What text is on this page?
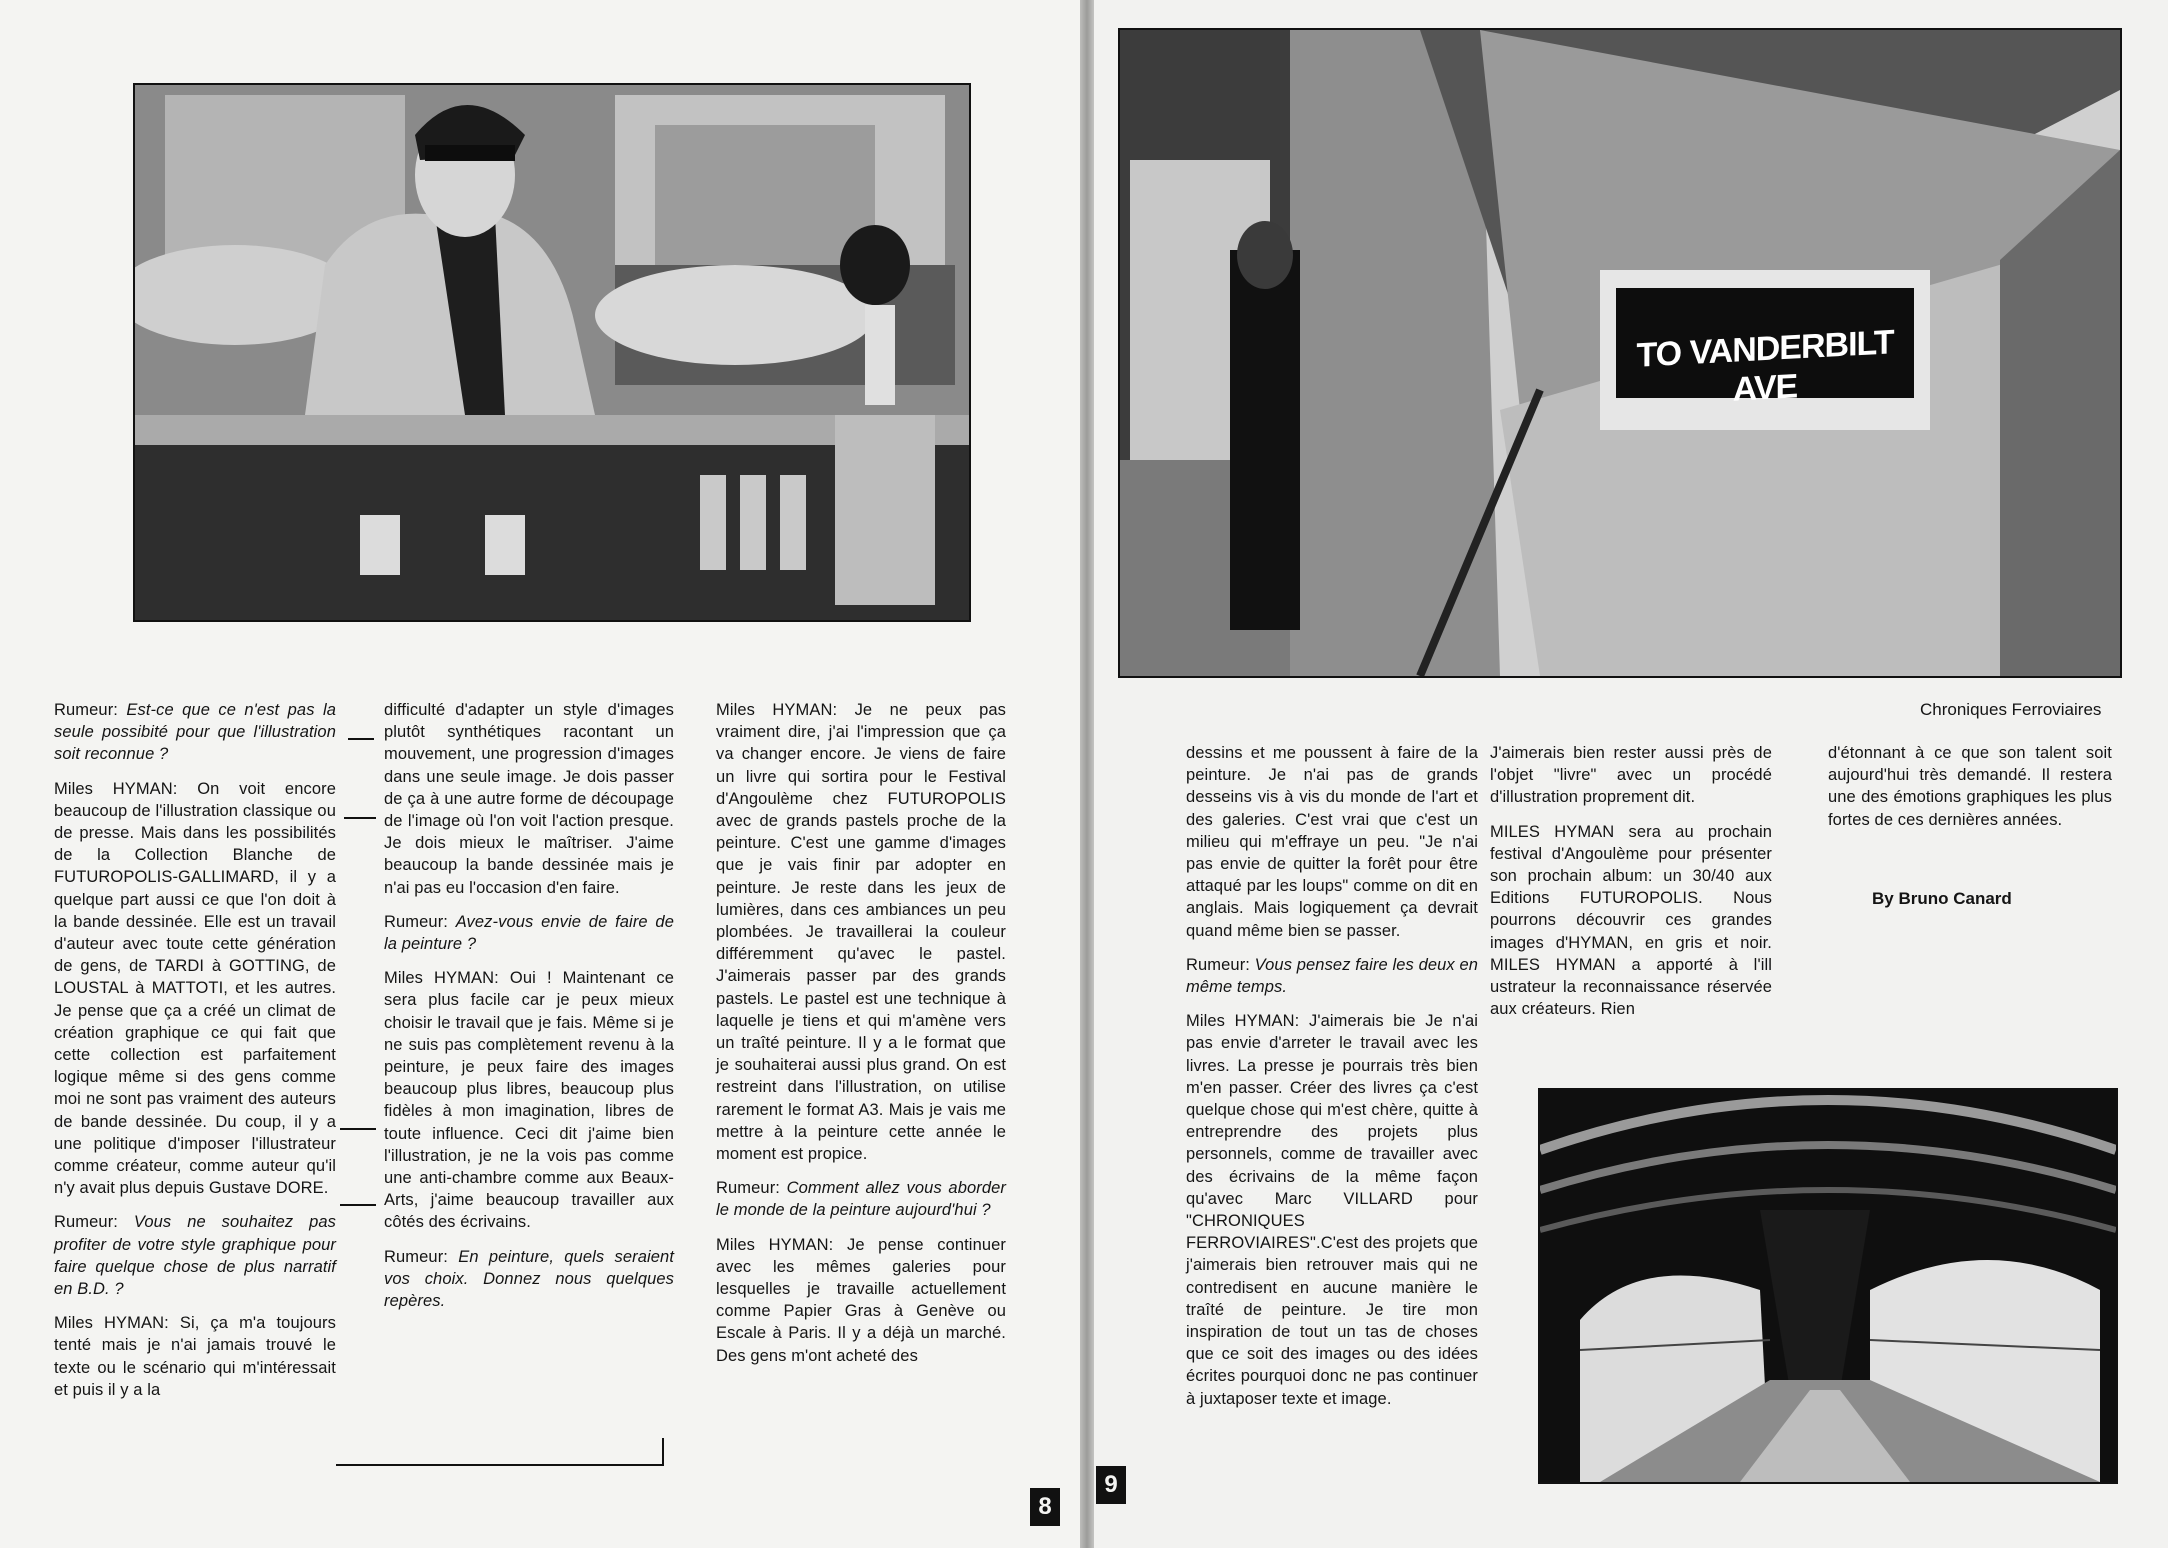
Rumeur: Est-ce que ce n'est pas la seule possibité pour que l'illustration soit reconnue ?

Miles HYMAN: On voit encore beaucoup de l'illustration classique ou de presse. Mais dans les possibilités de la Collection Blanche de FUTUROPOLIS-GALLIMARD, il y a quelque part aussi ce que l'on doit à la bande dessinée. Elle est un travail d'auteur avec toute cette génération de gens, de TARDI à GOTTING, de LOUSTAL à MATTOTI, et les autres. Je pense que ça a créé un climat de création graphique ce qui fait que cette collection est parfaitement logique même si des gens comme moi ne sont pas vraiment des auteurs de bande dessinée. Du coup, il y a une politique d'imposer l'illustrateur comme créateur, comme auteur qu'il n'y avait plus depuis Gustave DORE.

Rumeur: Vous ne souhaitez pas profiter de votre style graphique pour faire quelque chose de plus narratif en B.D. ?

Miles HYMAN: Si, ça m'a toujours tenté mais je n'ai jamais trouvé le texte ou le scénario qui m'intéressait et puis il y a la

difficulté d'adapter un style d'images plutôt synthétiques racontant un mouvement, une progression d'images dans une seule image. Je dois passer de ça à une autre forme de découpage de l'image où l'on voit l'action presque. Je dois mieux le maîtriser. J'aime beaucoup la bande dessinée mais je n'ai pas eu l'occasion d'en faire.

Rumeur: Avez-vous envie de faire de la peinture ?

Miles HYMAN: Oui ! Maintenant ce sera plus facile car je peux mieux choisir le travail que je fais. Même si je ne suis pas complètement revenu à la peinture, je peux faire des images beaucoup plus libres, beaucoup plus fidèles à mon imagination, libres de toute influence. Ceci dit j'aime bien l'illustration, je ne la vois pas comme une anti-chambre comme aux Beaux-Arts, j'aime beaucoup travailler aux côtés des écrivains.

Rumeur: En peinture, quels seraient vos choix. Donnez nous quelques repères.

Miles HYMAN: Je ne peux pas vraiment dire, j'ai l'impression que ça va changer encore. Je viens de faire un livre qui sortira pour le Festival d'Angoulème chez FUTUROPOLIS avec de grands pastels proche de la peinture. C'est une gamme d'images que je vais finir par adopter en peinture. Je reste dans les jeux de lumières, dans ces ambiances un peu plombées. Je travaillerai la couleur différemment qu'avec le pastel. J'aimerais passer par des grands pastels. Le pastel est une technique à laquelle je tiens et qui m'amène vers un traîté peinture. Il y a le format que je souhaiterai aussi plus grand. On est restreint dans l'illustration, on utilise rarement le format A3. Mais je vais me mettre à la peinture cette année le moment est propice.

Rumeur: Comment allez vous aborder le monde de la peinture aujourd'hui ?

Miles HYMAN: Je pense continuer avec les mêmes galeries pour lesquelles je travaille actuellement comme Papier Gras à Genève ou Escale à Paris. Il y a déjà un marché. Des gens m'ont acheté des

8
TO VANDERBILT AVE
Chroniques Ferroviaires

dessins et me poussent à faire de la peinture. Je n'ai pas de grands desseins vis à vis du monde de l'art et des galeries. C'est vrai que c'est un milieu qui m'effraye un peu. "Je n'ai pas envie de quitter la forêt pour être attaqué par les loups" comme on dit en anglais. Mais logiquement ça devrait quand même bien se passer.

Rumeur: Vous pensez faire les deux en même temps.

Miles HYMAN: J'aimerais bie Je n'ai pas envie d'arreter le travail avec les livres. La presse je pourrais très bien m'en passer. Créer des livres ça c'est quelque chose qui m'est chère, quitte à entreprendre des projets plus personnels, comme de travailler avec des écrivains de la même façon qu'avec Marc VILLARD pour "CHRONIQUES FERROVIAIRES".C'est des projets que j'aimerais bien retrouver mais qui ne contredisent en aucune manière le traîté de peinture. Je tire mon inspiration de tout un tas de choses que ce soit des images ou des idées écrites pourquoi donc ne pas continuer à juxtaposer texte et image.

J'aimerais bien rester aussi près de l'objet "livre" avec un procédé d'illustration proprement dit.

MILES HYMAN sera au prochain festival d'Angoulème pour présenter son prochain album: un 30/40 aux Editions FUTUROPOLIS. Nous pourrons découvrir ces grandes images d'HYMAN, en gris et noir. MILES HYMAN a apporté à l'ill ustrateur la reconnaissance réservée aux créateurs. Rien

d'étonnant à ce que son talent soit aujourd'hui très demandé. Il restera une des émotions graphiques les plus fortes de ces dernières années.

By Bruno Canard
9
